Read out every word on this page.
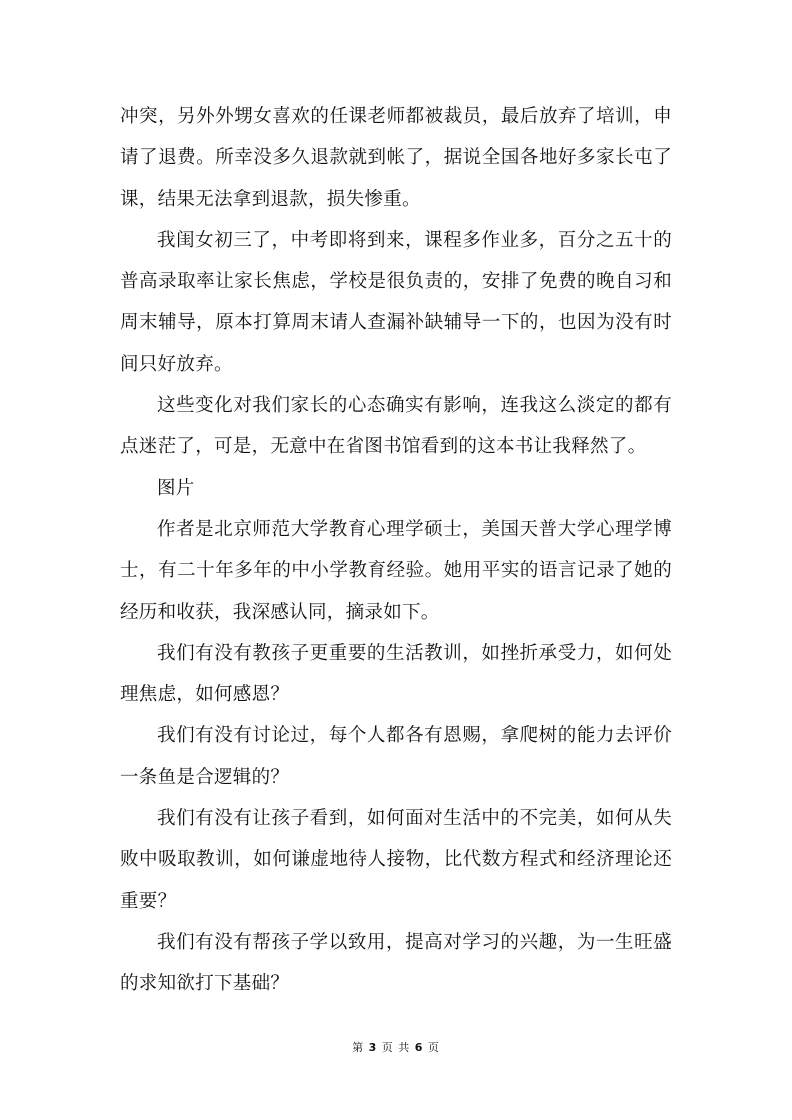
冲突，另外外甥女喜欢的任课老师都被裁员，最后放弃了培训，申请了退费。所幸没多久退款就到帐了，据说全国各地好多家长屯了课，结果无法拿到退款，损失惨重。

我闺女初三了，中考即将到来，课程多作业多，百分之五十的普高录取率让家长焦虑，学校是很负责的，安排了免费的晚自习和周末辅导，原本打算周末请人查漏补缺辅导一下的，也因为没有时间只好放弃。

这些变化对我们家长的心态确实有影响，连我这么淡定的都有点迷茫了，可是，无意中在省图书馆看到的这本书让我释然了。

图片

作者是北京师范大学教育心理学硕士，美国天普大学心理学博士，有二十年多年的中小学教育经验。她用平实的语言记录了她的经历和收获，我深感认同，摘录如下。

我们有没有教孩子更重要的生活教训，如挫折承受力，如何处理焦虑，如何感恩？

我们有没有讨论过，每个人都各有恩赐，拿爬树的能力去评价一条鱼是合逻辑的？

我们有没有让孩子看到，如何面对生活中的不完美，如何从失败中吸取教训，如何谦虚地待人接物，比代数方程式和经济理论还重要？

我们有没有帮孩子学以致用，提高对学习的兴趣，为一生旺盛的求知欲打下基础？

第 3 页 共 6 页
